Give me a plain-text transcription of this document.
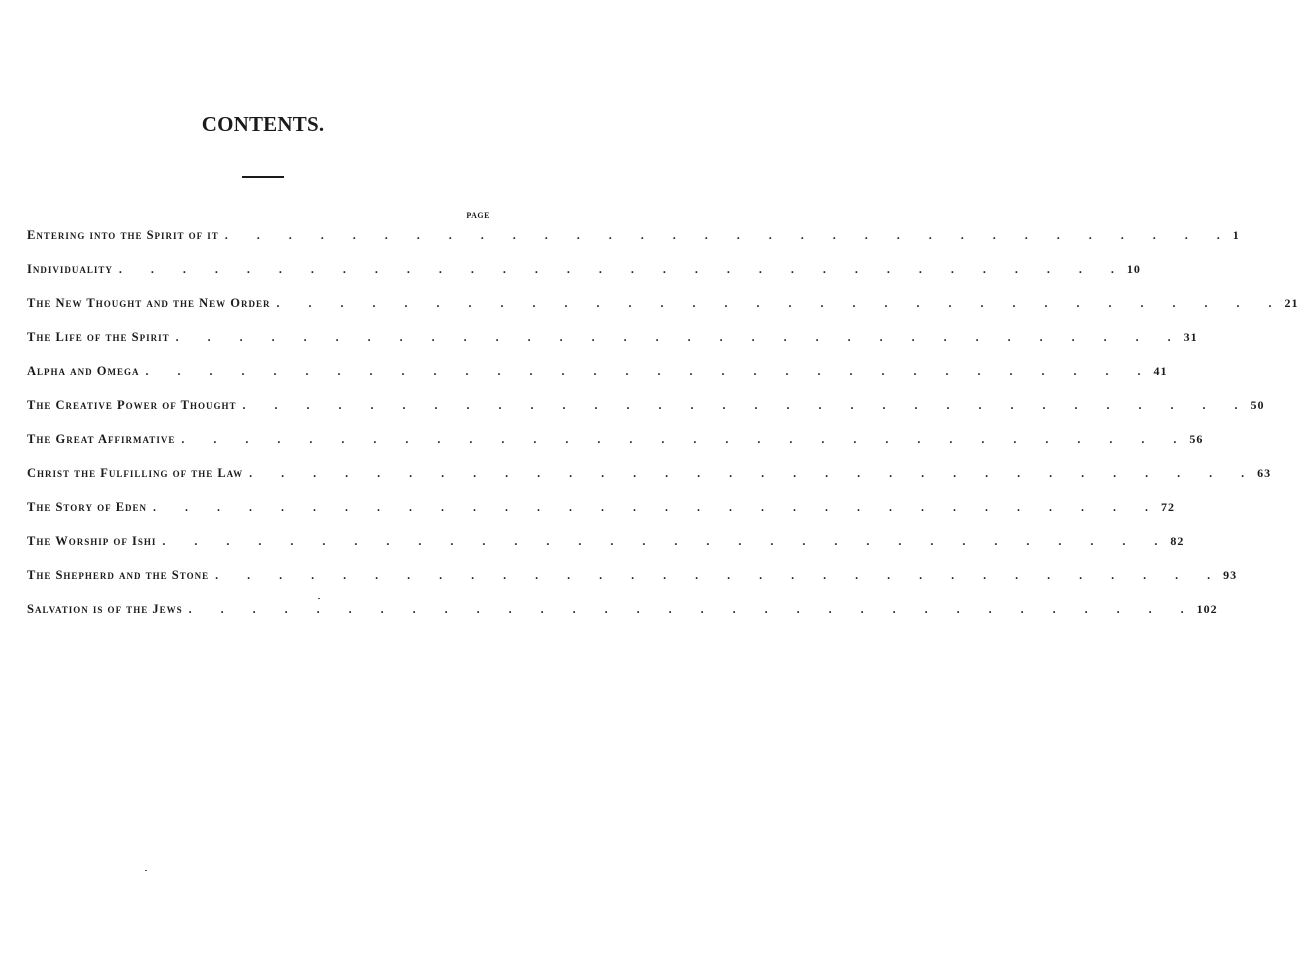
CONTENTS.
PAGE
Entering into the Spirit of it . . . . . . . . . . . . . . . . . . . . . . . . . . . . . . . . 1
Individuality . . . . . . . . . . . . . . . . . . . . . . . . . . . . . . . . 10
The New Thought and the New Order . . . . . . . . . . . . . . . . . . . . . . . . . . . . . . . . 21
The Life of the Spirit . . . . . . . . . . . . . . . . . . . . . . . . . . . . . . . . 31
Alpha and Omega . . . . . . . . . . . . . . . . . . . . . . . . . . . . . . . . 41
The Creative Power of Thought . . . . . . . . . . . . . . . . . . . . . . . . . . . . . . . . 50
The Great Affirmative . . . . . . . . . . . . . . . . . . . . . . . . . . . . . . . . 56
Christ the Fulfilling of the Law . . . . . . . . . . . . . . . . . . . . . . . . . . . . . . . . 63
The Story of Eden . . . . . . . . . . . . . . . . . . . . . . . . . . . . . . . . 72
The Worship of Ishi . . . . . . . . . . . . . . . . . . . . . . . . . . . . . . . . 82
The Shepherd and the Stone . . . . . . . . . . . . . . . . . . . . . . . . . . . . . . . . 93
Salvation is of the Jews . . . . . . . . . . . . . . . . . . . . . . . . . . . . . . . . 102
